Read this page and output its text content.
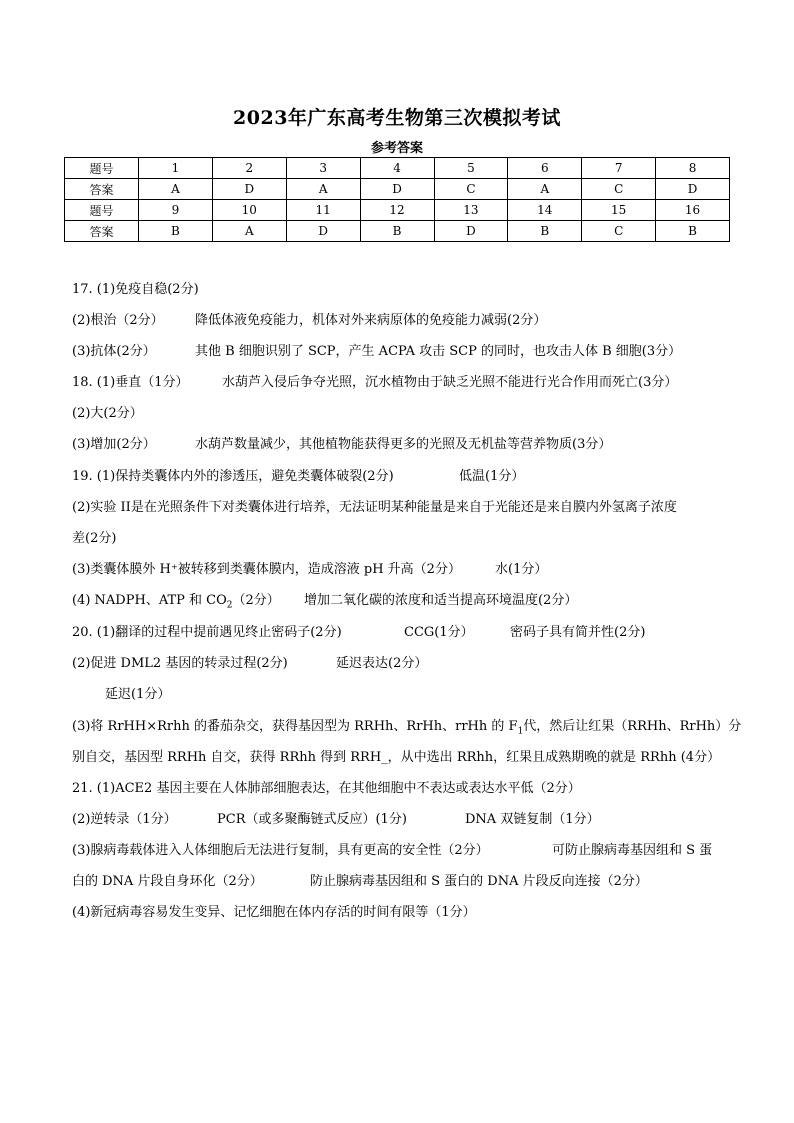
2023年广东高考生物第三次模拟考试
参考答案
题号	1	2	3	4	5	6	7	8
答案	A	D	A	D	C	A	C	D
题号	9	10	11	12	13	14	15	16
答案	B	A	D	B	D	B	C	B
17. (1)免疫自稳(2分)
(2)根治（2分） 降低体液免疫能力，机体对外来病原体的免疫能力减弱(2分）
(3)抗体(2分）	其他 B 细胞识别了 SCP，产生 ACPA 攻击 SCP 的同时，也攻击人体 B 细胞(3分）
18. (1)垂直（1分）	水葫芦入侵后争夺光照，沉水植物由于缺乏光照不能进行光合作用而死亡(3分）
(2)大(2分）
(3)增加(2分）	水葫芦数量减少，其他植物能获得更多的光照及无机盐等营养物质(3分）
19. (1)保持类囊体内外的渗透压，避免类囊体破裂(2分)	低温(1分）
(2)实验 II是在光照条件下对类囊体进行培养，无法证明某种能量是来自于光能还是来自膜内外氢离子浓度
差(2分)
(3)类囊体膜外 H⁺被转移到类囊体膜内，造成溶液 pH 升高（2分）	水(1分）
(4) NADPH、ATP 和 $CO_2(2$分） 增加二氧化碳的浓度和适当提高环境温度(2分）
20. (1)翻译的过程中提前遇见终止密码子(2分)	CCG(1分）	密码子具有简并性(2分)
(2)促进 DML2 基因的转录过程(2分)	延迟表达(2分）
延迟(1分）
(3)将 RrHH×Rrhh 的番茄杂交，获得基因型为 RRHh、RrHh、rrHh 的 $F_1$代，然后让红果（RRHh、RrHh）分
别自交，基因型 RRHh 自交，获得 RRhh 得到 RRH_，从中选出 RRhh，红果且成熟期晚的就是 RRhh (4分）
21. (1)ACE2 基因主要在人体肺部细胞表达，在其他细胞中不表达或表达水平低（2分）
(2)逆转录（1分）	PCR（或多聚酶链式反应）(1分)	DNA 双链复制（1分）
(3)腺病毒载体进入人体细胞后无法进行复制，具有更高的安全性（2分）	可防止腺病毒基因组和 S 蛋
白的 DNA 片段自身环化（2分）	防止腺病毒基因组和 S 蛋白的 DNA 片段反向连接（2分）
(4)新冠病毒容易发生变异、记忆细胞在体内存活的时间有限等（1分）
